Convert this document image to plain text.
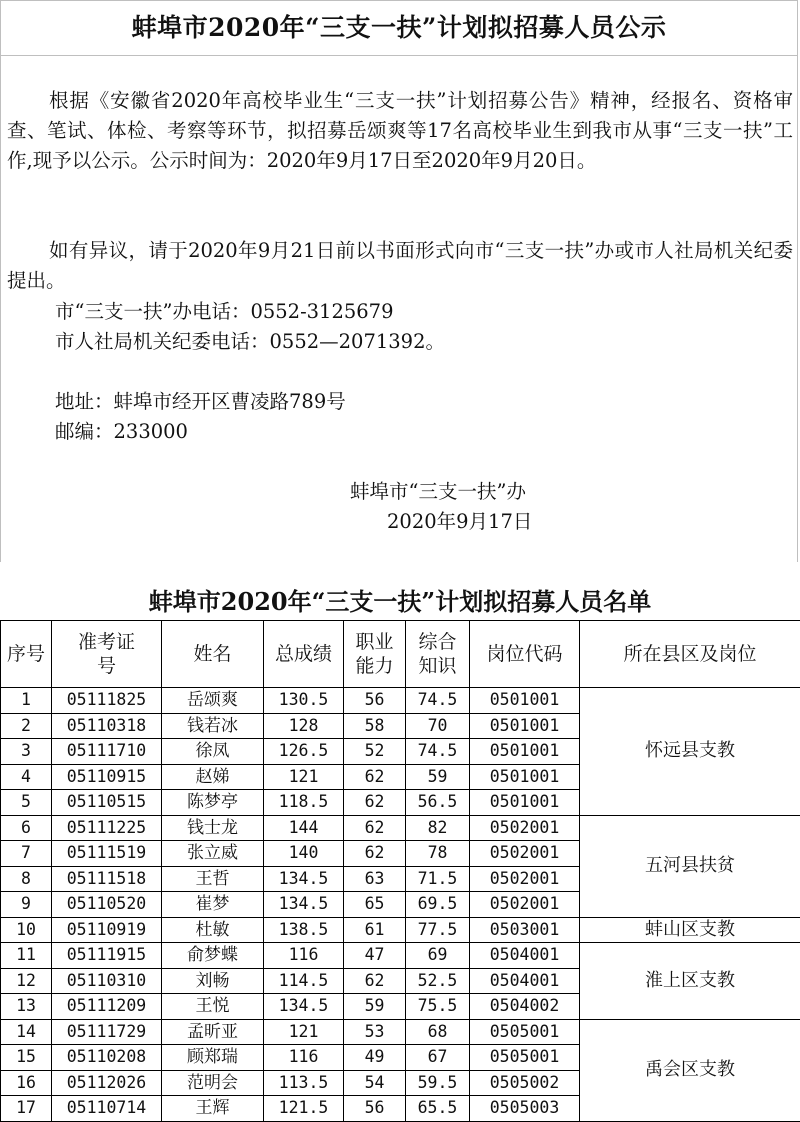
蚌埠市2020年“三支一扶”计划拟招募人员公示
根据《安徽省2020年高校毕业生“三支一扶”计划招募公告》精神，经报名、资格审查、笔试、体检、考察等环节，拟招募岳颂爽等17名高校毕业生到我市从事“三支一扶”工作,现予以公示。公示时间为：2020年9月17日至2020年9月20日。
如有异议，请于2020年9月21日前以书面形式向市“三支一扶”办或市人社局机关纪委提出。
市“三支一扶”办电话：0552-3125679
市人社局机关纪委电话：0552—2071392。
地址：蚌埠市经开区曹凌路789号
邮编：233000
蚌埠市“三支一扶”办
2020年9月17日
蚌埠市2020年“三支一扶”计划拟招募人员名单
序号	准考证号	姓名	总成绩	职业能力	综合知识	岗位代码	所在县区及岗位
1	05111825	岳颂爽	130.5	56	74.5	0501001	怀远县支教
2	05110318	钱若冰	128	58	70	0501001	
3	05111710	徐凤	126.5	52	74.5	0501001	
4	05110915	赵娣	121	62	59	0501001	
5	05110515	陈梦亭	118.5	62	56.5	0501001	
6	05111225	钱士龙	144	62	82	0502001	五河县扶贫
7	05111519	张立威	140	62	78	0502001	
8	05111518	王哲	134.5	63	71.5	0502001	
9	05110520	崔梦	134.5	65	69.5	0502001	
10	05110919	杜敏	138.5	61	77.5	0503001	蚌山区支教
11	05111915	俞梦蝶	116	47	69	0504001	淮上区支教
12	05110310	刘畅	114.5	62	52.5	0504001	
13	05111209	王悦	134.5	59	75.5	0504002	
14	05111729	孟昕亚	121	53	68	0505001	禹会区支教
15	05110208	顾郑瑞	116	49	67	0505001	
16	05112026	范明会	113.5	54	59.5	0505002	
17	05110714	王辉	121.5	56	65.5	0505003	
